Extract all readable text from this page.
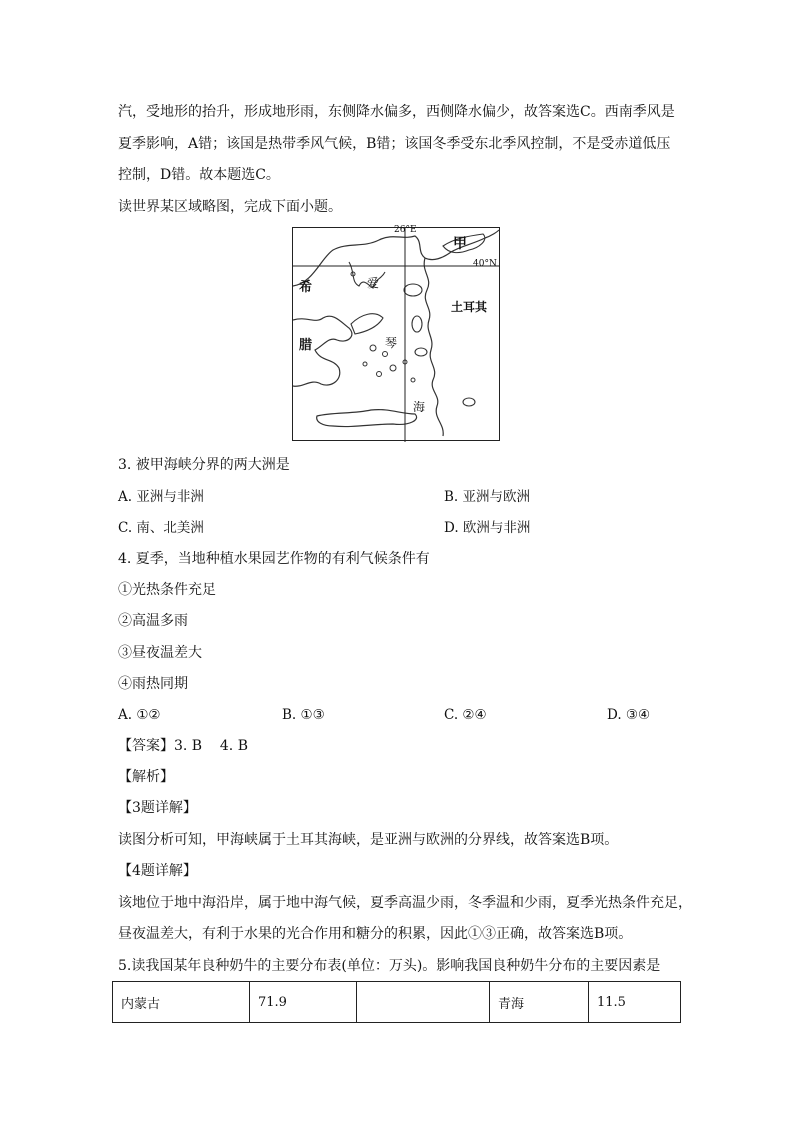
汽，受地形的抬升，形成地形雨，东侧降水偏多，西侧降水偏少，故答案选C。西南季风是
夏季影响，A错；该国是热带季风气候，B错；该国冬季受东北季风控制，不是受赤道低压
控制，D错。故本题选C。
读世界某区域略图，完成下面小题。
26°E
40°N
甲
希
腊
爱
琴
海
土耳其
3. 被甲海峡分界的两大洲是
A. 亚洲与非洲	B. 亚洲与欧洲
C. 南、北美洲	D. 欧洲与非洲
4. 夏季，当地种植水果园艺作物的有利气候条件有
①光热条件充足
②高温多雨
③昼夜温差大
④雨热同期
A. ①②	B. ①③	C. ②④	D. ③④
【答案】3. B    4. B
【解析】
【3题详解】
读图分析可知，甲海峡属于土耳其海峡，是亚洲与欧洲的分界线，故答案选B项。
【4题详解】
该地位于地中海沿岸，属于地中海气候，夏季高温少雨，冬季温和少雨，夏季光热条件充足，
昼夜温差大，有利于水果的光合作用和糖分的积累，因此①③正确，故答案选B项。
5.读我国某年良种奶牛的主要分布表(单位：万头)。影响我国良种奶牛分布的主要因素是
内蒙古	71.9		青海	11.5
